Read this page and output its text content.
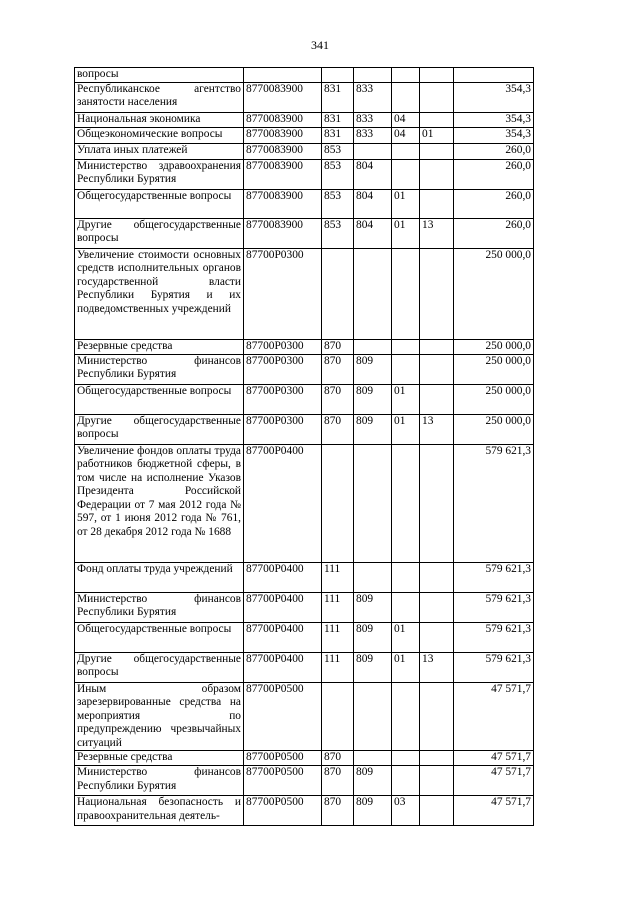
341
вопросы						
Республиканское агентство занятости населения	8770083900	831	833			354,3
Национальная экономика	8770083900	831	833	04		354,3
Общеэкономические вопросы	8770083900	831	833	04	01	354,3
Уплата иных платежей	8770083900	853				260,0
Министерство здравоохранения Республики Бурятия	8770083900	853	804			260,0
Общегосударственные вопросы	8770083900	853	804	01		260,0
Другие общегосударственные вопросы	8770083900	853	804	01	13	260,0
Увеличение стоимости основных средств исполнительных органов государственной власти Республики Бурятия и их подведомственных учреждений	87700Р0300					250 000,0
Резервные средства	87700Р0300	870				250 000,0
Министерство финансов Республики Бурятия	87700Р0300	870	809			250 000,0
Общегосударственные вопросы	87700Р0300	870	809	01		250 000,0
Другие общегосударственные вопросы	87700Р0300	870	809	01	13	250 000,0
Увеличение фондов оплаты труда работников бюджетной сферы, в том числе на исполнение Указов Президента Российской Федерации от 7 мая 2012 года № 597, от 1 июня 2012 года № 761, от 28 декабря 2012 года № 1688	87700Р0400					579 621,3
Фонд оплаты труда учреждений	87700Р0400	111				579 621,3
Министерство финансов Республики Бурятия	87700Р0400	111	809			579 621,3
Общегосударственные вопросы	87700Р0400	111	809	01		579 621,3
Другие общегосударственные вопросы	87700Р0400	111	809	01	13	579 621,3
Иным образом зарезервированные средства на мероприятия по предупреждению чрезвычайных ситуаций	87700Р0500					47 571,7
Резервные средства	87700Р0500	870				47 571,7
Министерство финансов Республики Бурятия	87700Р0500	870	809			47 571,7
Национальная безопасность и правоохранительная деятель-	87700Р0500	870	809	03		47 571,7
